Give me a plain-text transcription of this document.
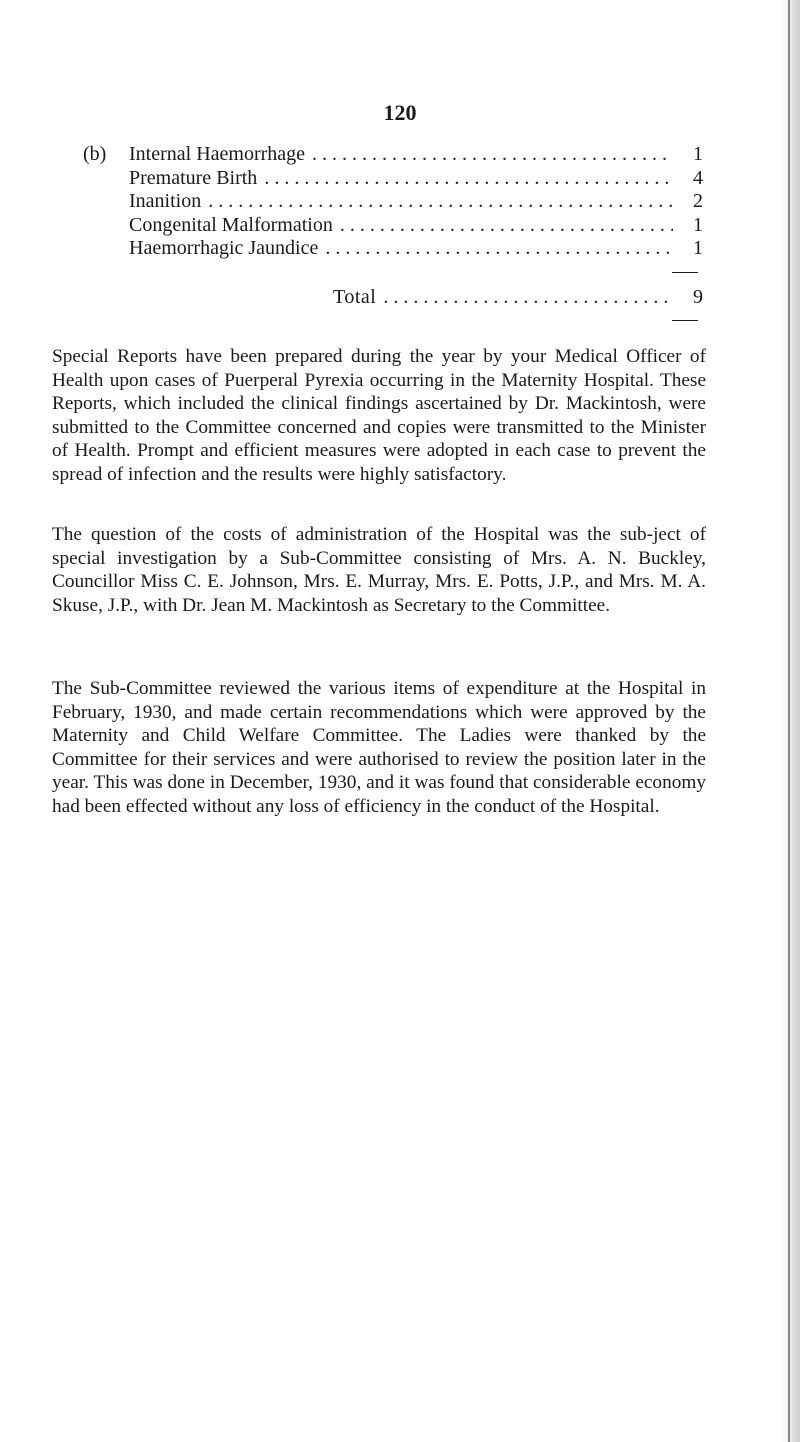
120
(b) Internal Haemorrhage . . .	1
Premature Birth . . .	4
Inanition . . .	2
Congenital Malformation . . .	1
Haemorrhagic Jaundice . . .	1
Total . . .	9

Special Reports have been prepared during the year by your Medical Officer of Health upon cases of Puerperal Pyrexia occurring in the Maternity Hospital. These Reports, which included the clinical findings ascertained by Dr. Mackintosh, were submitted to the Committee concerned and copies were transmitted to the Minister of Health. Prompt and efficient measures were adopted in each case to prevent the spread of infection and the results were highly satisfactory.

The question of the costs of administration of the Hospital was the sub-ject of special investigation by a Sub-Committee consisting of Mrs. A. N. Buckley, Councillor Miss C. E. Johnson, Mrs. E. Murray, Mrs. E. Potts, J.P., and Mrs. M. A. Skuse, J.P., with Dr. Jean M. Mackintosh as Secretary to the Committee.

The Sub-Committee reviewed the various items of expenditure at the Hospital in February, 1930, and made certain recommendations which were approved by the Maternity and Child Welfare Committee. The Ladies were thanked by the Committee for their services and were authorised to review the position later in the year. This was done in December, 1930, and it was found that considerable economy had been effected without any loss of efficiency in the conduct of the Hospital.
